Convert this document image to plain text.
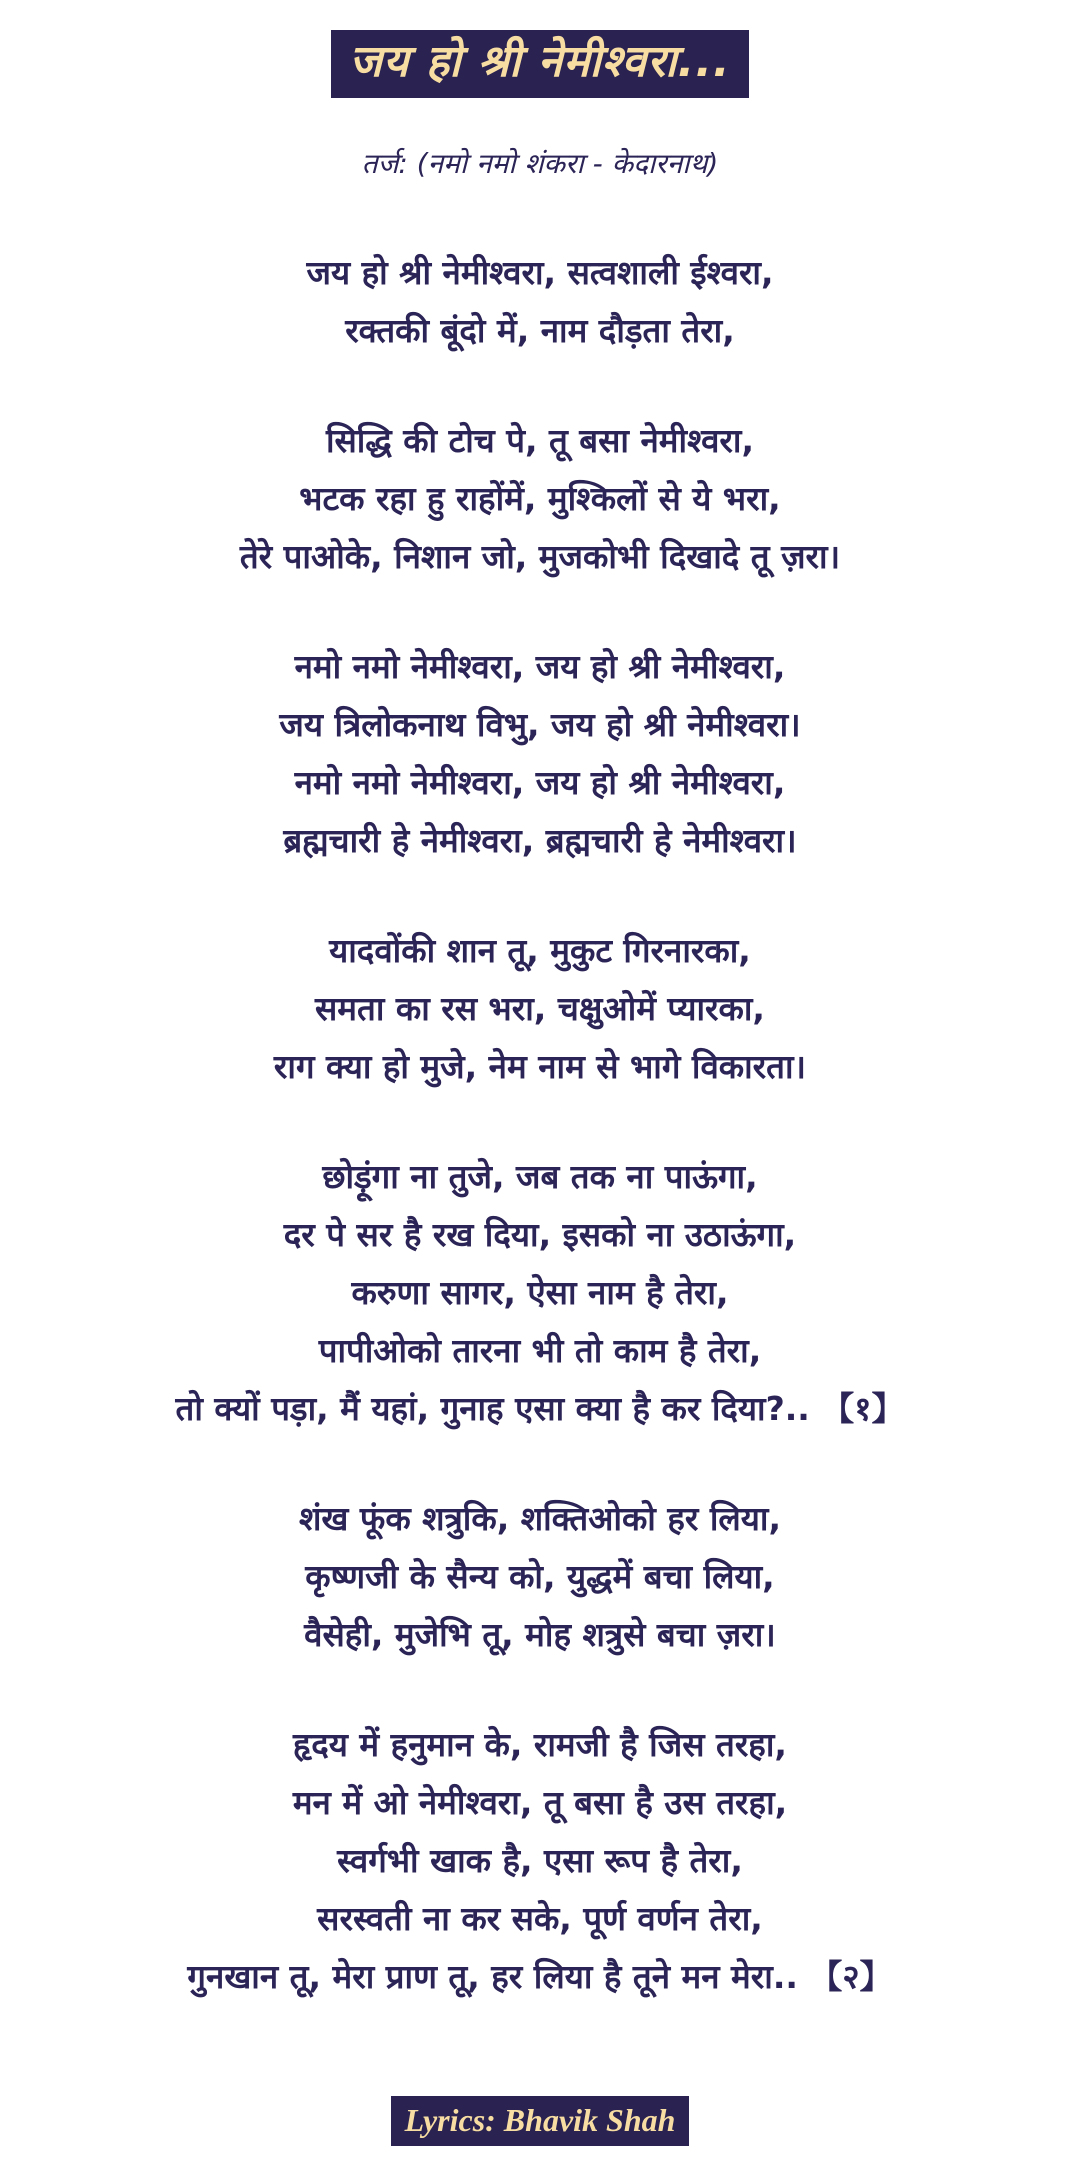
जय हो श्री नेमीश्वरा...
तर्ज: (नमो नमो शंकरा - केदारनाथ)

जय हो श्री नेमीश्वरा, सत्वशाली ईश्वरा,

रक्तकी बूंदो में, नाम दौड़ता तेरा,

सिद्धि की टोच पे, तू बसा नेमीश्वरा,

भटक रहा हु राहोंमें, मुश्किलों से ये भरा,

तेरे पाओके, निशान जो, मुजकोभी दिखादे तू ज़रा।

नमो नमो नेमीश्वरा, जय हो श्री नेमीश्वरा,

जय त्रिलोकनाथ विभु, जय हो श्री नेमीश्वरा।

नमो नमो नेमीश्वरा, जय हो श्री नेमीश्वरा,

ब्रह्मचारी हे नेमीश्वरा, ब्रह्मचारी हे नेमीश्वरा।

यादवोंकी शान तू, मुकुट गिरनारका,

समता का रस भरा, चक्षुओमें प्यारका,

राग क्या हो मुजे, नेम नाम से भागे विकारता।

छोड़ूंगा ना तुजे, जब तक ना पाऊंगा,

दर पे सर है रख दिया, इसको ना उठाऊंगा,

करुणा सागर, ऐसा नाम है तेरा,

पापीओको तारना भी तो काम है तेरा,

तो क्यों पड़ा, मैं यहां, गुनाह एसा क्या है कर दिया?.. 【१】

शंख फूंक शत्रुकि, शक्तिओको हर लिया,

कृष्णजी के सैन्य को, युद्धमें बचा लिया,

वैसेही, मुजेभि तू, मोह शत्रुसे बचा ज़रा।

हृदय में हनुमान के, रामजी है जिस तरहा,

मन में ओ नेमीश्वरा, तू बसा है उस तरहा,

स्वर्गभी खाक है, एसा रूप है तेरा,

सरस्वती ना कर सके, पूर्ण वर्णन तेरा,

गुनखान तू, मेरा प्राण तू, हर लिया है तूने मन मेरा.. 【२】

Lyrics: Bhavik Shah
